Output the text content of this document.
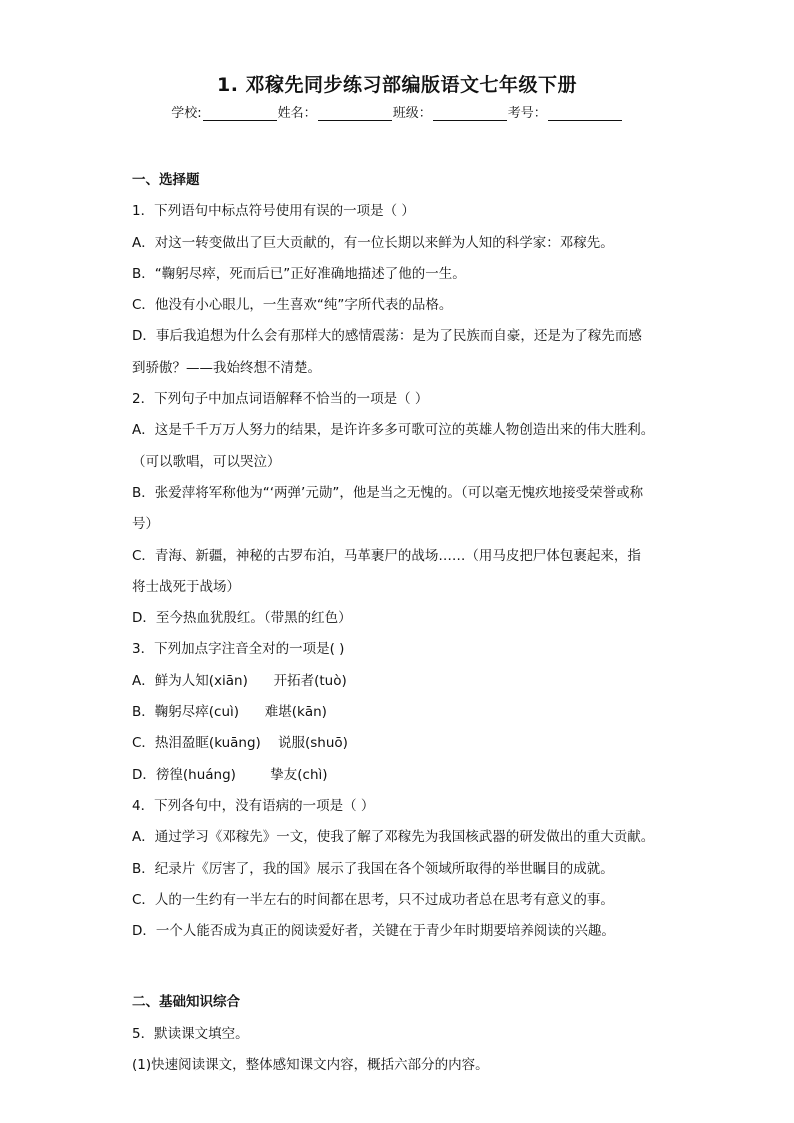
1. 邓稼先同步练习部编版语文七年级下册
学校:	姓名：	班级：	考号：
一、选择题
1．下列语句中标点符号使用有误的一项是（ ）
A．对这一转变做出了巨大贡献的，有一位长期以来鲜为人知的科学家：邓稼先。
B．“鞠躬尽瘁，死而后已”正好准确地描述了他的一生。
C．他没有小心眼儿，一生喜欢“纯”字所代表的品格。
D．事后我追想为什么会有那样大的感情震荡：是为了民族而自豪，还是为了稼先而感
到骄傲？——我始终想不清楚。
2．下列句子中加点词语解释不恰当的一项是（ ）
A．这是千千万万人努力的结果，是许许多多可歌可泣的英雄人物创造出来的伟大胜利。
（可以歌唱，可以哭泣）
B．张爱萍将军称他为“‘两弹’元勋”，他是当之无愧的。（可以毫无愧疚地接受荣誉或称
号）
C．青海、新疆，神秘的古罗布泊，马革裹尸的战场……（用马皮把尸体包裹起来，指
将士战死于战场）
D．至今热血犹殷红。（带黑的红色）
3．下列加点字注音全对的一项是( )
A．鲜为人知(xiān)      开拓者(tuò)
B．鞠躬尽瘁(cuì)      难堪(kān)
C．热泪盈眶(kuāng)    说服(shuō)
D．徬徨(huáng)        挚友(chì)
4．下列各句中，没有语病的一项是（ ）
A．通过学习《邓稼先》一文，使我了解了邓稼先为我国核武器的研发做出的重大贡献。
B．纪录片《厉害了，我的国》展示了我国在各个领域所取得的举世瞩目的成就。
C．人的一生约有一半左右的时间都在思考，只不过成功者总在思考有意义的事。
D．一个人能否成为真正的阅读爱好者，关键在于青少年时期要培养阅读的兴趣。
二、基础知识综合
5．默读课文填空。
(1)快速阅读课文，整体感知课文内容，概括六部分的内容。
